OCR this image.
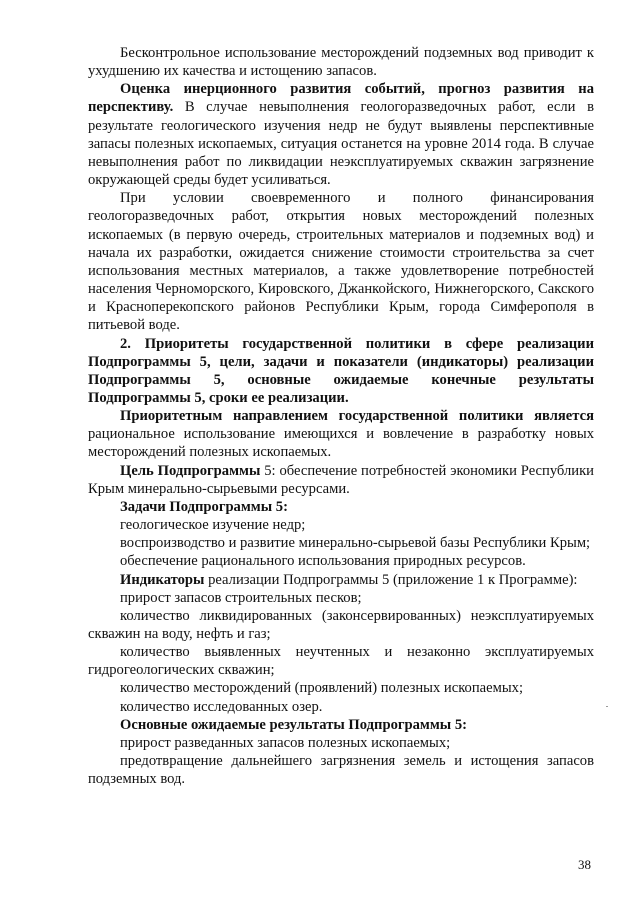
Бесконтрольное использование месторождений подземных вод приводит к ухудшению их качества и истощению запасов.

Оценка инерционного развития событий, прогноз развития на перспективу. В случае невыполнения геологоразведочных работ, если в результате геологического изучения недр не будут выявлены перспективные запасы полезных ископаемых, ситуация останется на уровне 2014 года. В случае невыполнения работ по ликвидации неэксплуатируемых скважин загрязнение окружающей среды будет усиливаться.

При условии своевременного и полного финансирования геологоразведочных работ, открытия новых месторождений полезных ископаемых (в первую очередь, строительных материалов и подземных вод) и начала их разработки, ожидается снижение стоимости строительства за счет использования местных материалов, а также удовлетворение потребностей населения Черноморского, Кировского, Джанкойского, Нижнегорского, Сакского и Красноперекопского районов Республики Крым, города Симферополя в питьевой воде.

2. Приоритеты государственной политики в сфере реализации Подпрограммы 5, цели, задачи и показатели (индикаторы) реализации Подпрограммы 5, основные ожидаемые конечные результаты Подпрограммы 5, сроки ее реализации.

Приоритетным направлением государственной политики является рациональное использование имеющихся и вовлечение в разработку новых месторождений полезных ископаемых.

Цель Подпрограммы 5: обеспечение потребностей экономики Республики Крым минерально-сырьевыми ресурсами.

Задачи Подпрограммы 5:

геологическое изучение недр;

воспроизводство и развитие минерально-сырьевой базы Республики Крым;

обеспечение рационального использования природных ресурсов.

Индикаторы реализации Подпрограммы 5 (приложение 1 к Программе):

прирост запасов строительных песков;

количество ликвидированных (законсервированных) неэксплуатируемых скважин на воду, нефть и газ;

количество выявленных неучтенных и незаконно эксплуатируемых гидрогеологических скважин;

количество месторождений (проявлений) полезных ископаемых;

количество исследованных озер.

Основные ожидаемые результаты Подпрограммы 5:

прирост разведанных запасов полезных ископаемых;

предотвращение дальнейшего загрязнения земель и истощения запасов подземных вод.

38
